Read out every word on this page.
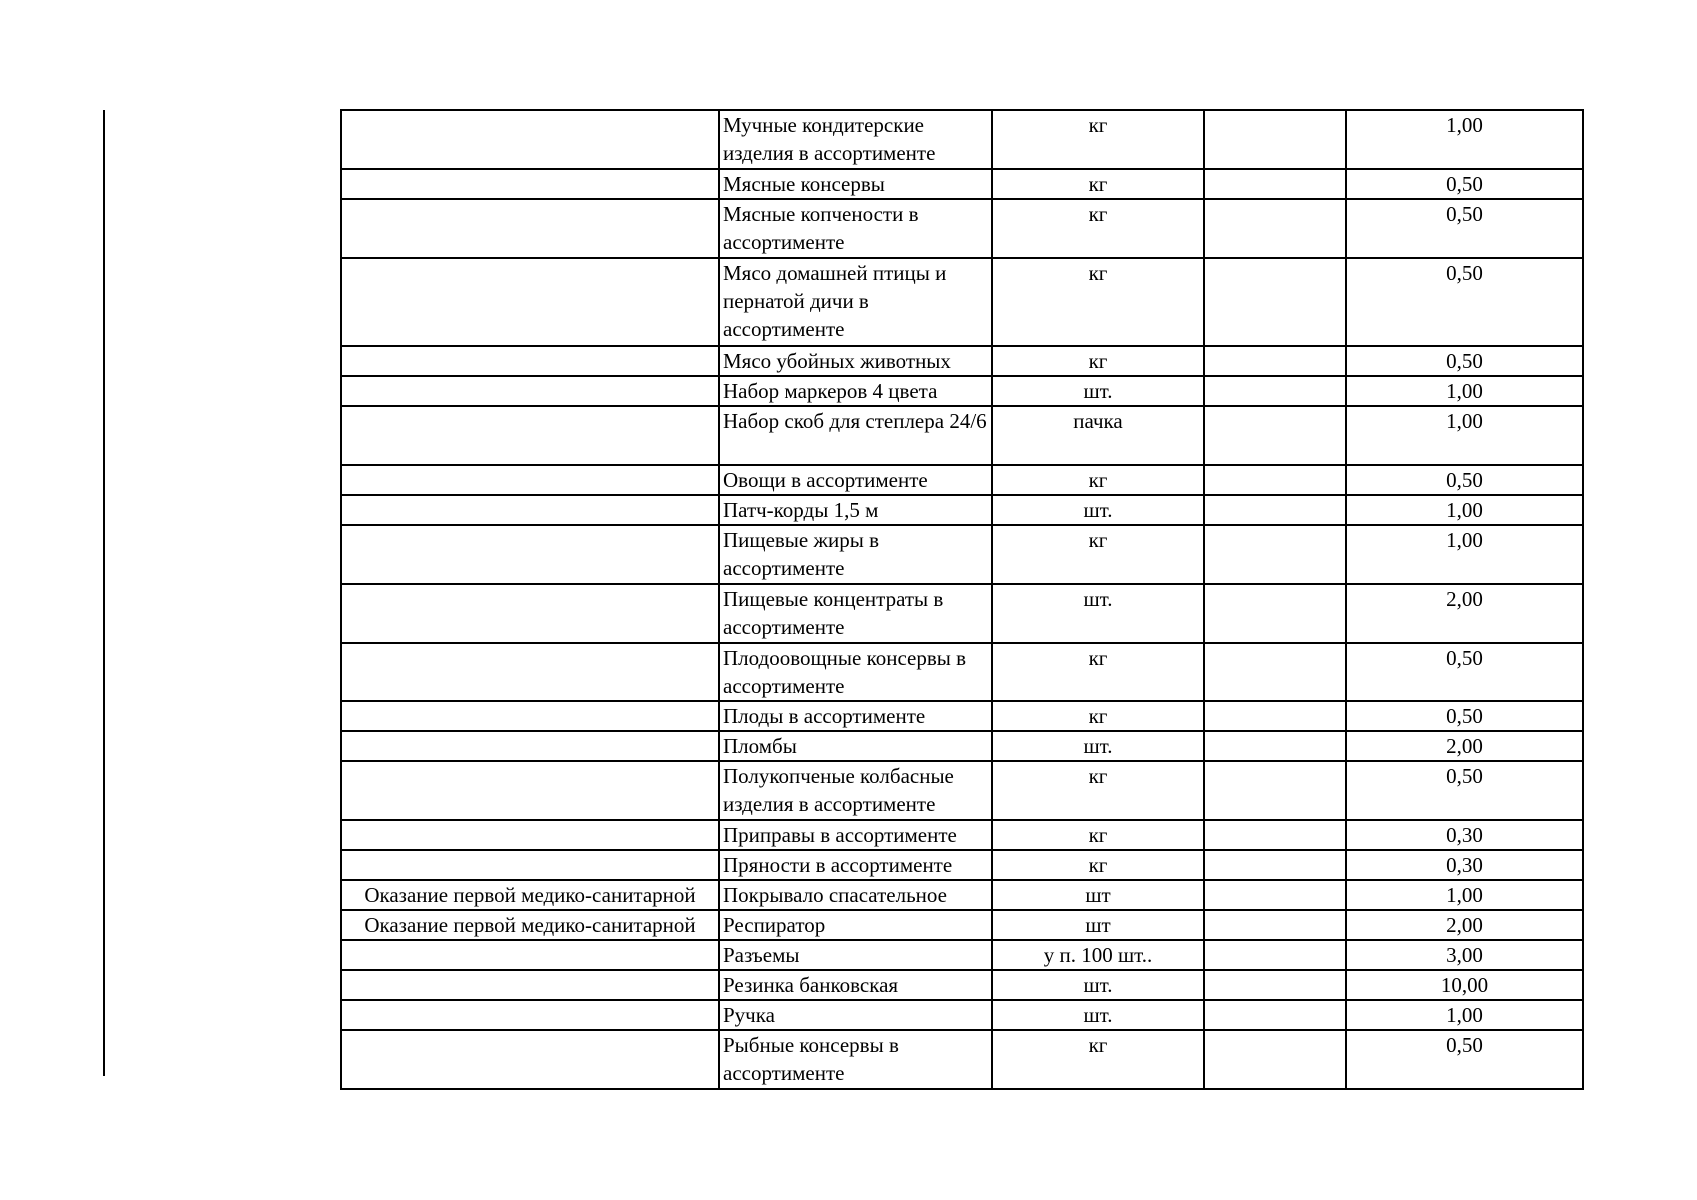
	Мучные кондитерские изделия в ассортименте	кг		1,00
	Мясные консервы	кг		0,50
	Мясные копчености в ассортименте	кг		0,50
	Мясо домашней птицы и пернатой дичи в ассортименте	кг		0,50
	Мясо убойных животных	кг		0,50
	Набор маркеров 4 цвета	шт.		1,00
	Набор скоб для степлера 24/6	пачка		1,00
	Овощи в ассортименте	кг		0,50
	Патч-корды 1,5 м	шт.		1,00
	Пищевые жиры в ассортименте	кг		1,00
	Пищевые концентраты в ассортименте	шт.		2,00
	Плодоовощные консервы в ассортименте	кг		0,50
	Плоды в ассортименте	кг		0,50
	Пломбы	шт.		2,00
	Полукопченые колбасные изделия в ассортименте	кг		0,50
	Приправы в ассортименте	кг		0,30
	Пряности в ассортименте	кг		0,30
Оказание первой медико-санитарной	Покрывало спасательное	шт		1,00
Оказание первой медико-санитарной	Респиратор	шт		2,00
	Разъемы	у п. 100 шт..		3,00
	Резинка банковская	шт.		10,00
	Ручка	шт.		1,00
	Рыбные консервы в ассортименте	кг		0,50
